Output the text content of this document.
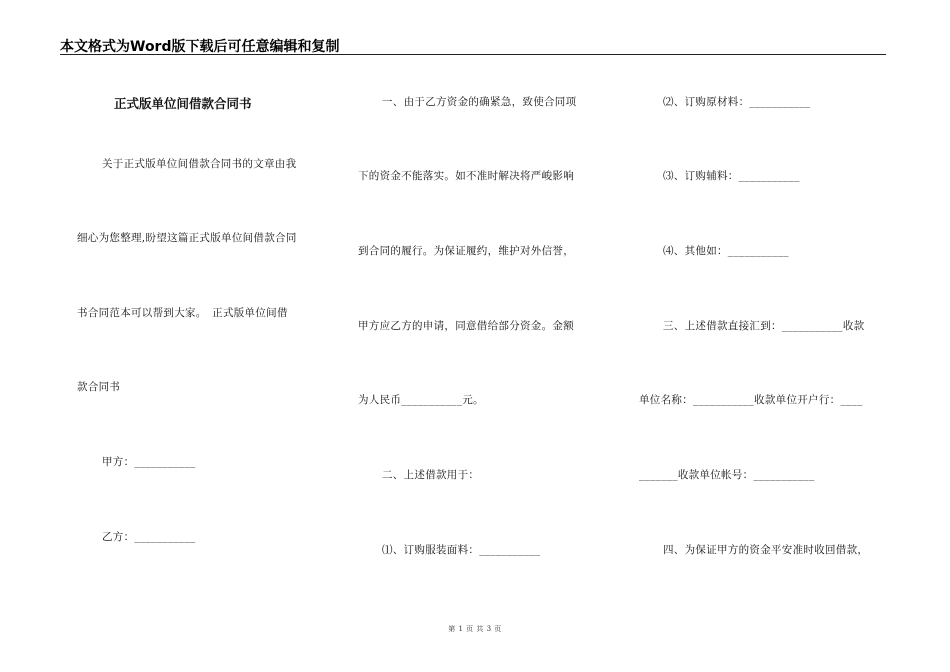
本文格式为Word版下载后可任意编辑和复制
正式版单位间借款合同书
关于正式版单位间借款合同书的文章由我
细心为您整理,盼望这篇正式版单位间借款合同
书合同范本可以帮到大家。　正式版单位间借
款合同书
甲方：___________
乙方：___________
一、由于乙方资金的确紧急，致使合同项
下的资金不能落实。如不准时解决将严峻影响
到合同的履行。为保证履约，维护对外信誉，
甲方应乙方的申请，同意借给部分资金。金额
为人民币___________元。
二、上述借款用于：
⑴、订购服装面料：___________
⑵、订购原材料：___________
⑶、订购辅料：___________
⑷、其他如：___________
三、上述借款直接汇到：___________收款
单位名称：___________收款单位开户行：____
_______收款单位帐号：___________
四、为保证甲方的资金平安准时收回借款，
第 1 页 共 3 页
